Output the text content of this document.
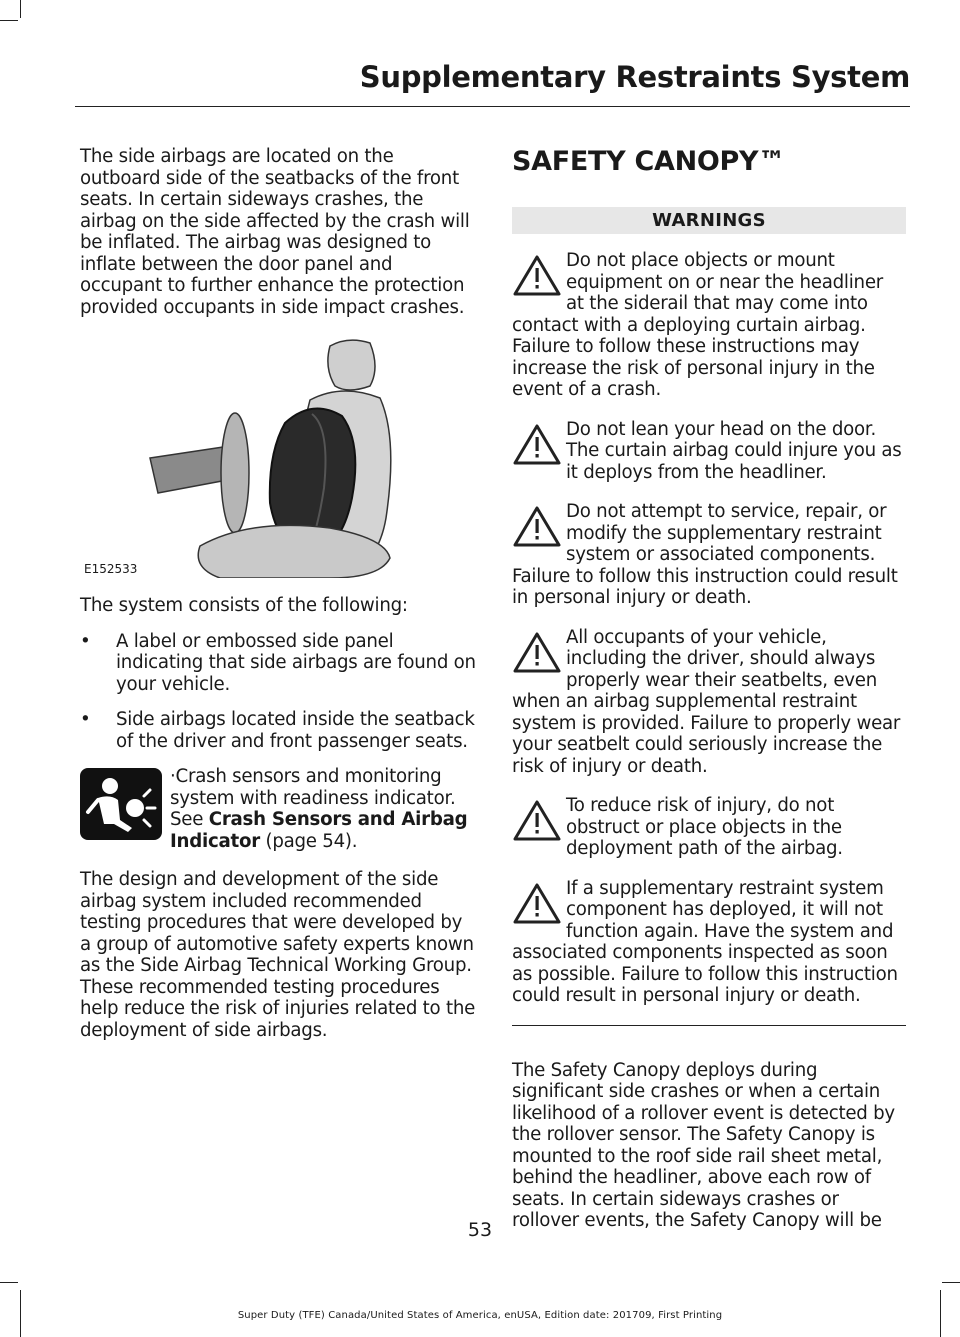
Supplementary Restraints System

The side airbags are located on the outboard side of the seatbacks of the front seats. In certain sideways crashes, the airbag on the side affected by the crash will be inflated. The airbag was designed to inflate between the door panel and occupant to further enhance the protection provided occupants in side impact crashes.

E152533

The system consists of the following:

• A label or embossed side panel indicating that side airbags are found on your vehicle.
• Side airbags located inside the seatback of the driver and front passenger seats.
·Crash sensors and monitoring system with readiness indicator. See Crash Sensors and Airbag Indicator (page 54).

The design and development of the side airbag system included recommended testing procedures that were developed by a group of automotive safety experts known as the Side Airbag Technical Working Group. These recommended testing procedures help reduce the risk of injuries related to the deployment of side airbags.

SAFETY CANOPY™
WARNINGS
Do not place objects or mount equipment on or near the headliner at the siderail that may come into contact with a deploying curtain airbag. Failure to follow these instructions may increase the risk of personal injury in the event of a crash.
Do not lean your head on the door. The curtain airbag could injure you as it deploys from the headliner.
Do not attempt to service, repair, or modify the supplementary restraint system or associated components. Failure to follow this instruction could result in personal injury or death.
All occupants of your vehicle, including the driver, should always properly wear their seatbelts, even when an airbag supplemental restraint system is provided. Failure to properly wear your seatbelt could seriously increase the risk of injury or death.
To reduce risk of injury, do not obstruct or place objects in the deployment path of the airbag.
If a supplementary restraint system component has deployed, it will not function again. Have the system and associated components inspected as soon as possible. Failure to follow this instruction could result in personal injury or death.

The Safety Canopy deploys during significant side crashes or when a certain likelihood of a rollover event is detected by the rollover sensor. The Safety Canopy is mounted to the roof side rail sheet metal, behind the headliner, above each row of seats. In certain sideways crashes or rollover events, the Safety Canopy will be

53
Super Duty (TFE) Canada/United States of America, enUSA, Edition date: 201709, First Printing
